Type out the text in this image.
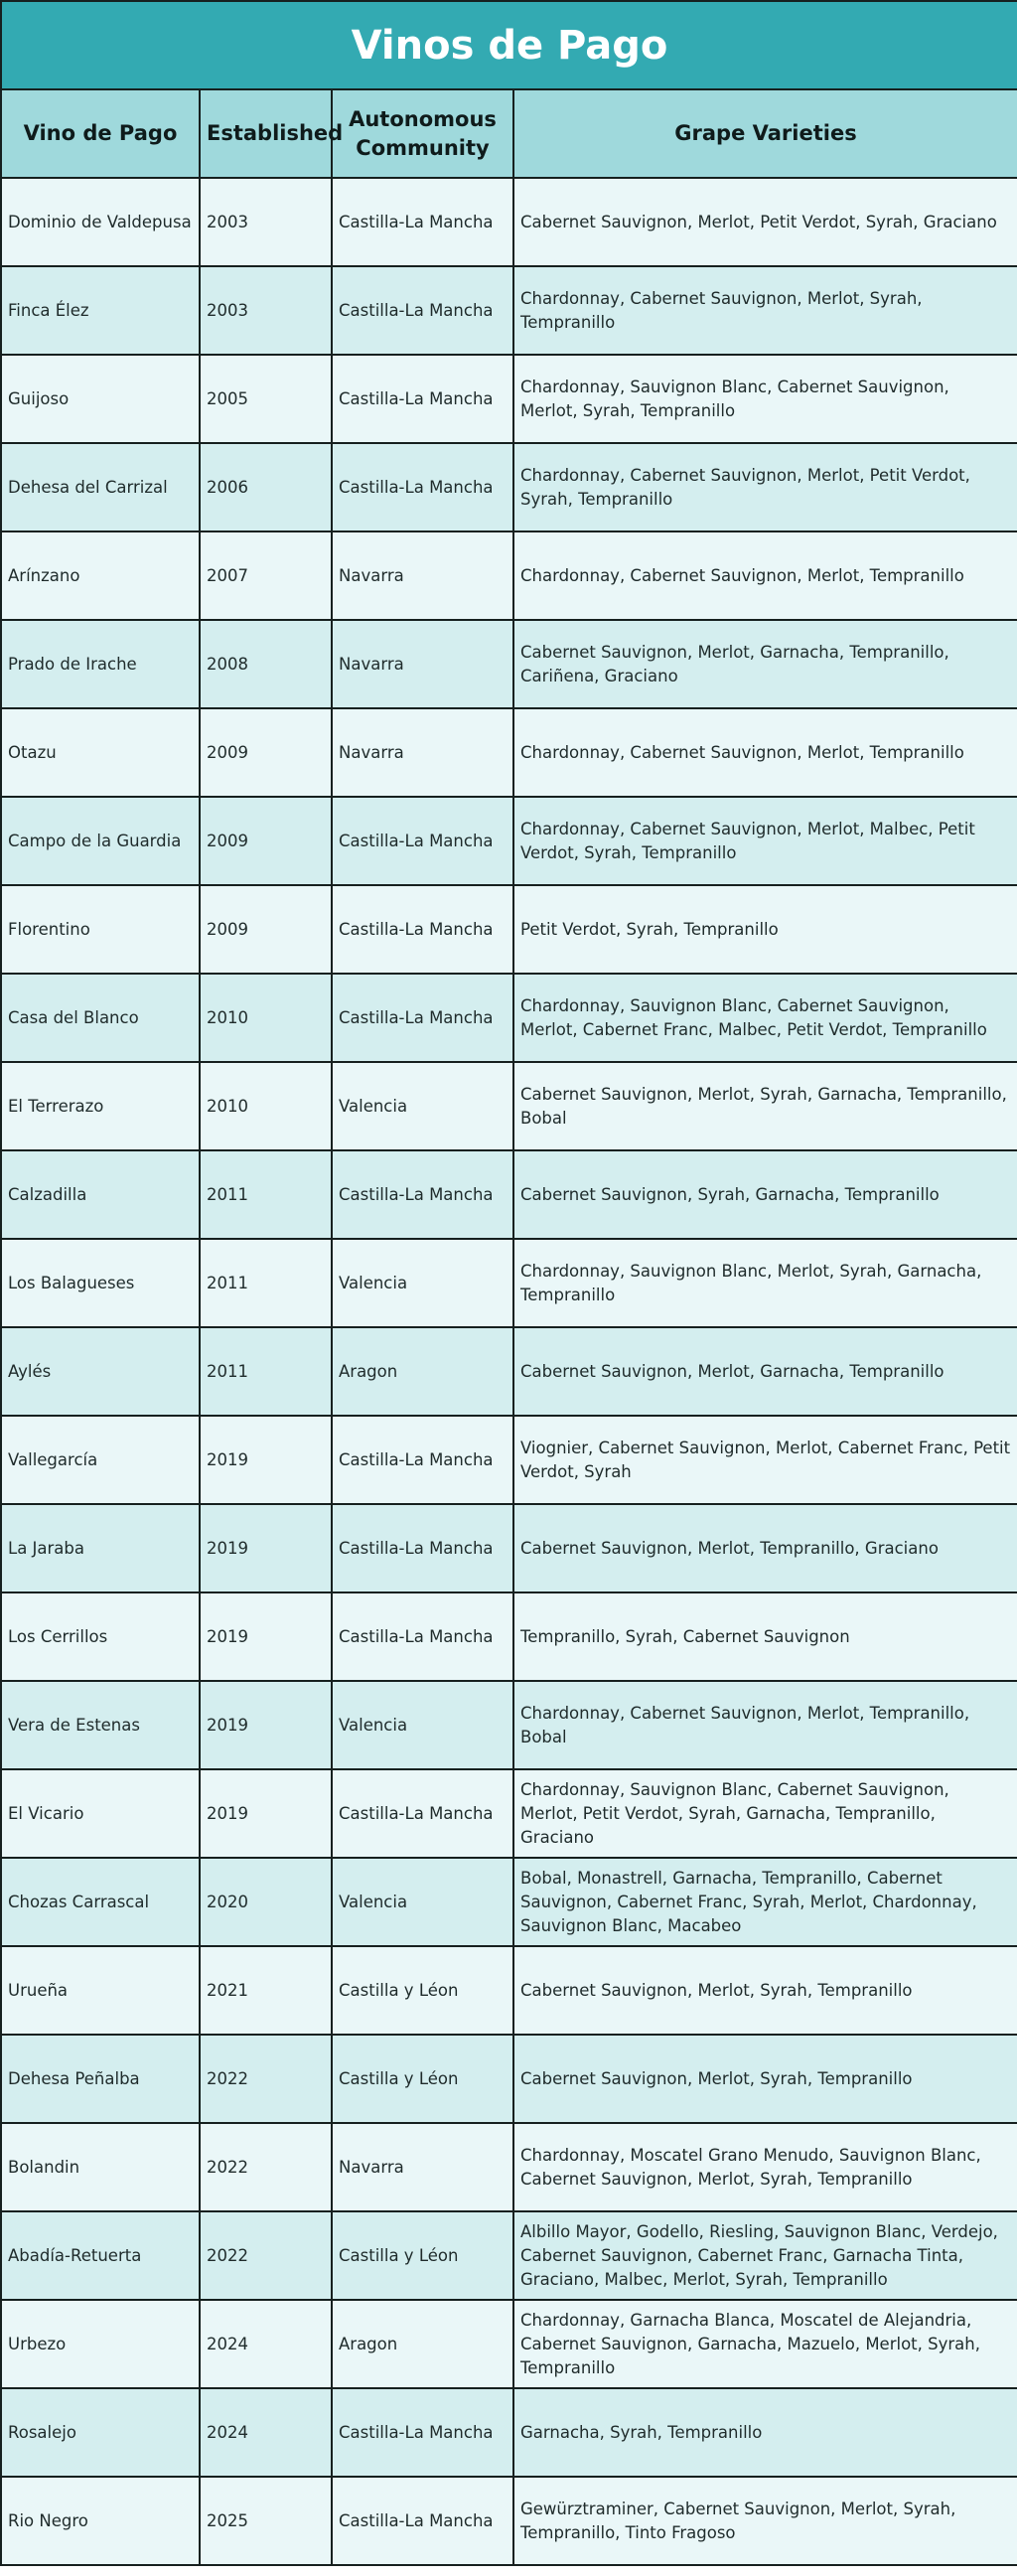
Vinos de Pago			
Vino de Pago	Established	Autonomous Community	Grape Varieties
Dominio de Valdepusa	2003	Castilla-La Mancha	Cabernet Sauvignon, Merlot, Petit Verdot, Syrah, Graciano
Finca Élez	2003	Castilla-La Mancha	Chardonnay, Cabernet Sauvignon, Merlot, Syrah, Tempranillo
Guijoso	2005	Castilla-La Mancha	Chardonnay, Sauvignon Blanc, Cabernet Sauvignon, Merlot, Syrah, Tempranillo
Dehesa del Carrizal	2006	Castilla-La Mancha	Chardonnay, Cabernet Sauvignon, Merlot, Petit Verdot, Syrah, Tempranillo
Arínzano	2007	Navarra	Chardonnay, Cabernet Sauvignon, Merlot, Tempranillo
Prado de Irache	2008	Navarra	Cabernet Sauvignon, Merlot, Garnacha, Tempranillo, Cariñena, Graciano
Otazu	2009	Navarra	Chardonnay, Cabernet Sauvignon, Merlot, Tempranillo
Campo de la Guardia	2009	Castilla-La Mancha	Chardonnay, Cabernet Sauvignon, Merlot, Malbec, Petit Verdot, Syrah, Tempranillo
Florentino	2009	Castilla-La Mancha	Petit Verdot, Syrah, Tempranillo
Casa del Blanco	2010	Castilla-La Mancha	Chardonnay, Sauvignon Blanc, Cabernet Sauvignon, Merlot, Cabernet Franc, Malbec, Petit Verdot, Tempranillo
El Terrerazo	2010	Valencia	Cabernet Sauvignon, Merlot, Syrah, Garnacha, Tempranillo, Bobal
Calzadilla	2011	Castilla-La Mancha	Cabernet Sauvignon, Syrah, Garnacha, Tempranillo
Los Balagueses	2011	Valencia	Chardonnay, Sauvignon Blanc, Merlot, Syrah, Garnacha, Tempranillo
Aylés	2011	Aragon	Cabernet Sauvignon, Merlot, Garnacha, Tempranillo
Vallegarcía	2019	Castilla-La Mancha	Viognier, Cabernet Sauvignon, Merlot, Cabernet Franc, Petit Verdot, Syrah
La Jaraba	2019	Castilla-La Mancha	Cabernet Sauvignon, Merlot, Tempranillo, Graciano
Los Cerrillos	2019	Castilla-La Mancha	Tempranillo, Syrah, Cabernet Sauvignon
Vera de Estenas	2019	Valencia	Chardonnay, Cabernet Sauvignon, Merlot, Tempranillo, Bobal
El Vicario	2019	Castilla-La Mancha	Chardonnay, Sauvignon Blanc, Cabernet Sauvignon, Merlot, Petit Verdot, Syrah, Garnacha, Tempranillo, Graciano
Chozas Carrascal	2020	Valencia	Bobal, Monastrell, Garnacha, Tempranillo, Cabernet Sauvignon, Cabernet Franc, Syrah, Merlot, Chardonnay, Sauvignon Blanc, Macabeo
Urueña	2021	Castilla y Léon	Cabernet Sauvignon, Merlot, Syrah, Tempranillo
Dehesa Peñalba	2022	Castilla y Léon	Cabernet Sauvignon, Merlot, Syrah, Tempranillo
Bolandin	2022	Navarra	Chardonnay, Moscatel Grano Menudo, Sauvignon Blanc, Cabernet Sauvignon, Merlot, Syrah, Tempranillo
Abadía-Retuerta	2022	Castilla y Léon	Albillo Mayor, Godello, Riesling, Sauvignon Blanc, Verdejo, Cabernet Sauvignon, Cabernet Franc, Garnacha Tinta, Graciano, Malbec, Merlot, Syrah, Tempranillo
Urbezo	2024	Aragon	Chardonnay, Garnacha Blanca, Moscatel de Alejandria, Cabernet Sauvignon, Garnacha, Mazuelo, Merlot, Syrah, Tempranillo
Rosalejo	2024	Castilla-La Mancha	Garnacha, Syrah, Tempranillo
Rio Negro	2025	Castilla-La Mancha	Gewürztraminer, Cabernet Sauvignon, Merlot, Syrah, Tempranillo, Tinto Fragoso
